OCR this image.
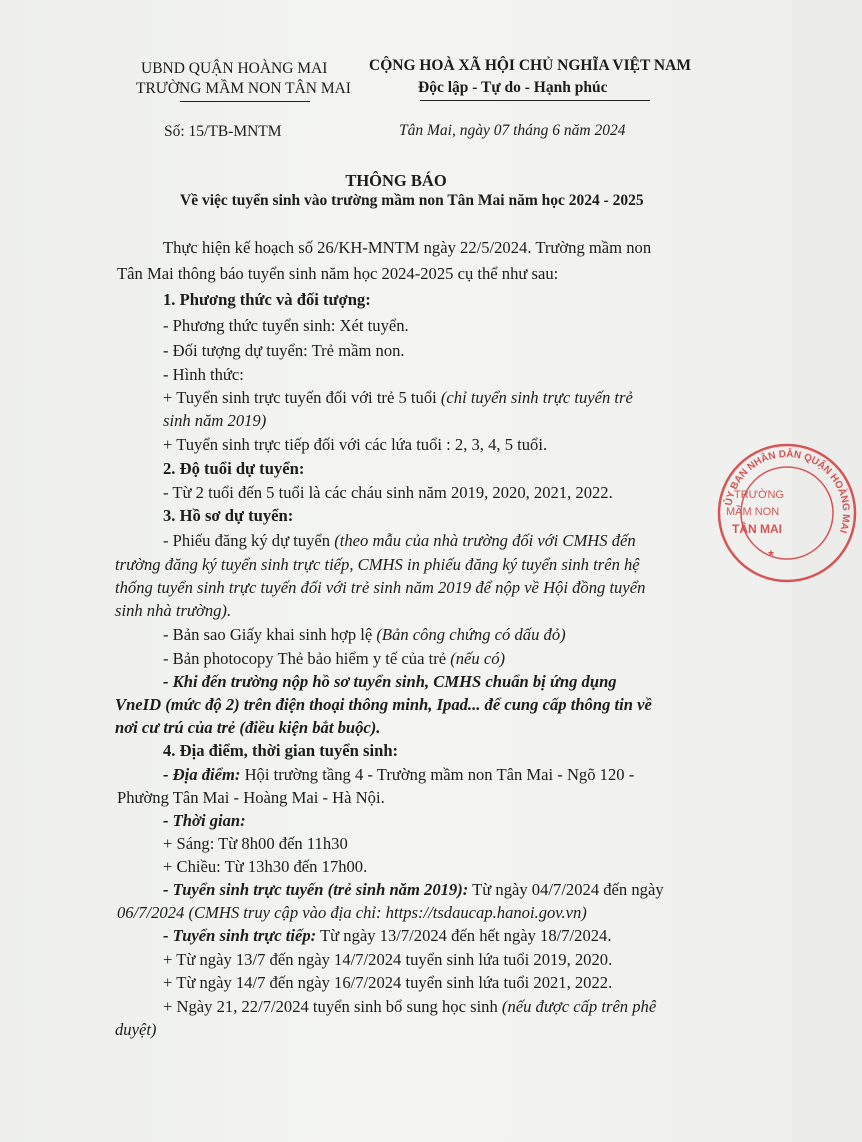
UBND QUẬN HOÀNG MAI
TRƯỜNG MẦM NON TÂN MAI
CỘNG HOÀ XÃ HỘI CHỦ NGHĨA VIỆT NAM
Độc lập - Tự do - Hạnh phúc
Số: 15/TB-MNTM	Tân Mai, ngày 07 tháng 6 năm 2024
THÔNG BÁO
Về việc tuyển sinh vào trường mầm non Tân Mai năm học 2024 - 2025
Thực hiện kế hoạch số 26/KH-MNTM ngày 22/5/2024. Trường mầm non
Tân Mai thông báo tuyển sinh năm học 2024-2025 cụ thể như sau:
1. Phương thức và đối tượng:
- Phương thức tuyển sinh: Xét tuyển.
- Đối tượng dự tuyển: Trẻ mầm non.
- Hình thức:
+ Tuyển sinh trực tuyến đối với trẻ 5 tuổi (chỉ tuyển sinh trực tuyến trẻ
sinh năm 2019)
+ Tuyển sinh trực tiếp đối với các lứa tuổi : 2, 3, 4, 5 tuổi.
2. Độ tuổi dự tuyển:
- Từ 2 tuổi đến 5 tuổi là các cháu sinh năm 2019, 2020, 2021, 2022.
3. Hồ sơ dự tuyển:
- Phiếu đăng ký dự tuyển (theo mẫu của nhà trường đối với CMHS đến
trường đăng ký tuyển sinh trực tiếp, CMHS in phiếu đăng ký tuyển sinh trên hệ
thống tuyển sinh trực tuyến đối với trẻ sinh năm 2019 để nộp về Hội đồng tuyển
sinh nhà trường).
- Bản sao Giấy khai sinh hợp lệ (Bản công chứng có dấu đỏ)
- Bản photocopy Thẻ bảo hiểm y tế của trẻ (nếu có)
- Khi đến trường nộp hồ sơ tuyển sinh, CMHS chuẩn bị ứng dụng
VneID (mức độ 2) trên điện thoại thông minh, Ipad... để cung cấp thông tin về
nơi cư trú của trẻ (điều kiện bắt buộc).
4. Địa điểm, thời gian tuyển sinh:
- Địa điểm: Hội trường tầng 4 - Trường mầm non Tân Mai - Ngõ 120 -
Phường Tân Mai - Hoàng Mai - Hà Nội.
- Thời gian:
+ Sáng: Từ 8h00 đến 11h30
+ Chiều: Từ 13h30 đến 17h00.
- Tuyển sinh trực tuyến (trẻ sinh năm 2019): Từ ngày 04/7/2024 đến ngày
06/7/2024 (CMHS truy cập vào địa chỉ: https://tsdaucap.hanoi.gov.vn)
- Tuyển sinh trực tiếp: Từ ngày 13/7/2024 đến hết ngày 18/7/2024.
+ Từ ngày 13/7 đến ngày 14/7/2024 tuyển sinh lứa tuổi 2019, 2020.
+ Từ ngày 14/7 đến ngày 16/7/2024 tuyển sinh lứa tuổi 2021, 2022.
+ Ngày 21, 22/7/2024 tuyển sinh bổ sung học sinh (nếu được cấp trên phê
duyệt)
ỦY BAN NHÂN DÂN QUẬN HOÀNG MAI
TRƯỜNG
MẦM NON
TÂN MAI
★
